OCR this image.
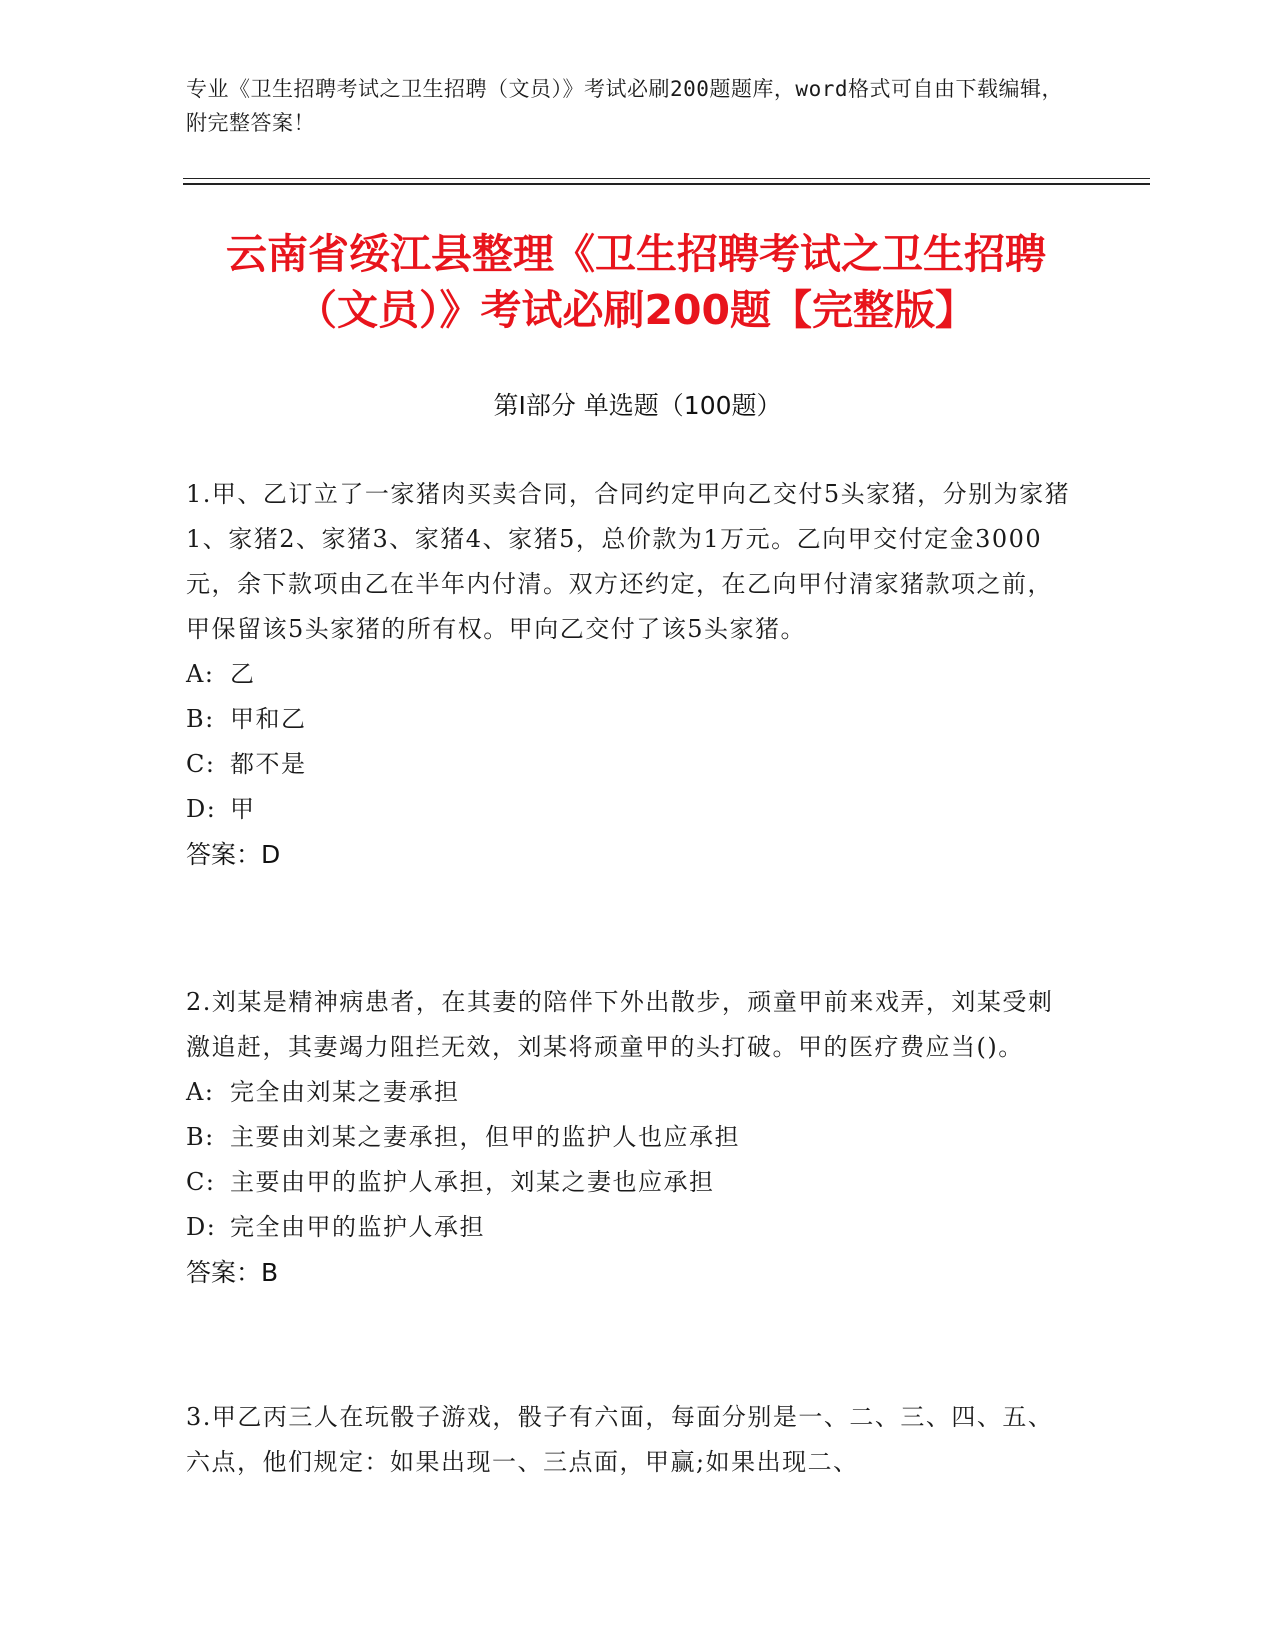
专业《卫生招聘考试之卫生招聘（文员）》考试必刷200题题库，word格式可自由下载编辑，附完整答案！
云南省绥江县整理《卫生招聘考试之卫生招聘（文员）》考试必刷200题【完整版】
第Ⅰ部分 单选题（100题）

1.甲、乙订立了一家猪肉买卖合同，合同约定甲向乙交付5头家猪，分别为家猪1、家猪2、家猪3、家猪4、家猪5，总价款为1万元。乙向甲交付定金3000元，余下款项由乙在半年内付清。双方还约定，在乙向甲付清家猪款项之前，甲保留该5头家猪的所有权。甲向乙交付了该5头家猪。

A: 乙

B: 甲和乙

C: 都不是

D: 甲

答案：D

2.刘某是精神病患者，在其妻的陪伴下外出散步，顽童甲前来戏弄，刘某受刺激追赶，其妻竭力阻拦无效，刘某将顽童甲的头打破。甲的医疗费应当()。

A: 完全由刘某之妻承担

B: 主要由刘某之妻承担，但甲的监护人也应承担

C: 主要由甲的监护人承担，刘某之妻也应承担

D: 完全由甲的监护人承担

答案：B

3.甲乙丙三人在玩骰子游戏，骰子有六面，每面分别是一、二、三、四、五、六点，他们规定：如果出现一、三点面，甲赢;如果出现二、
